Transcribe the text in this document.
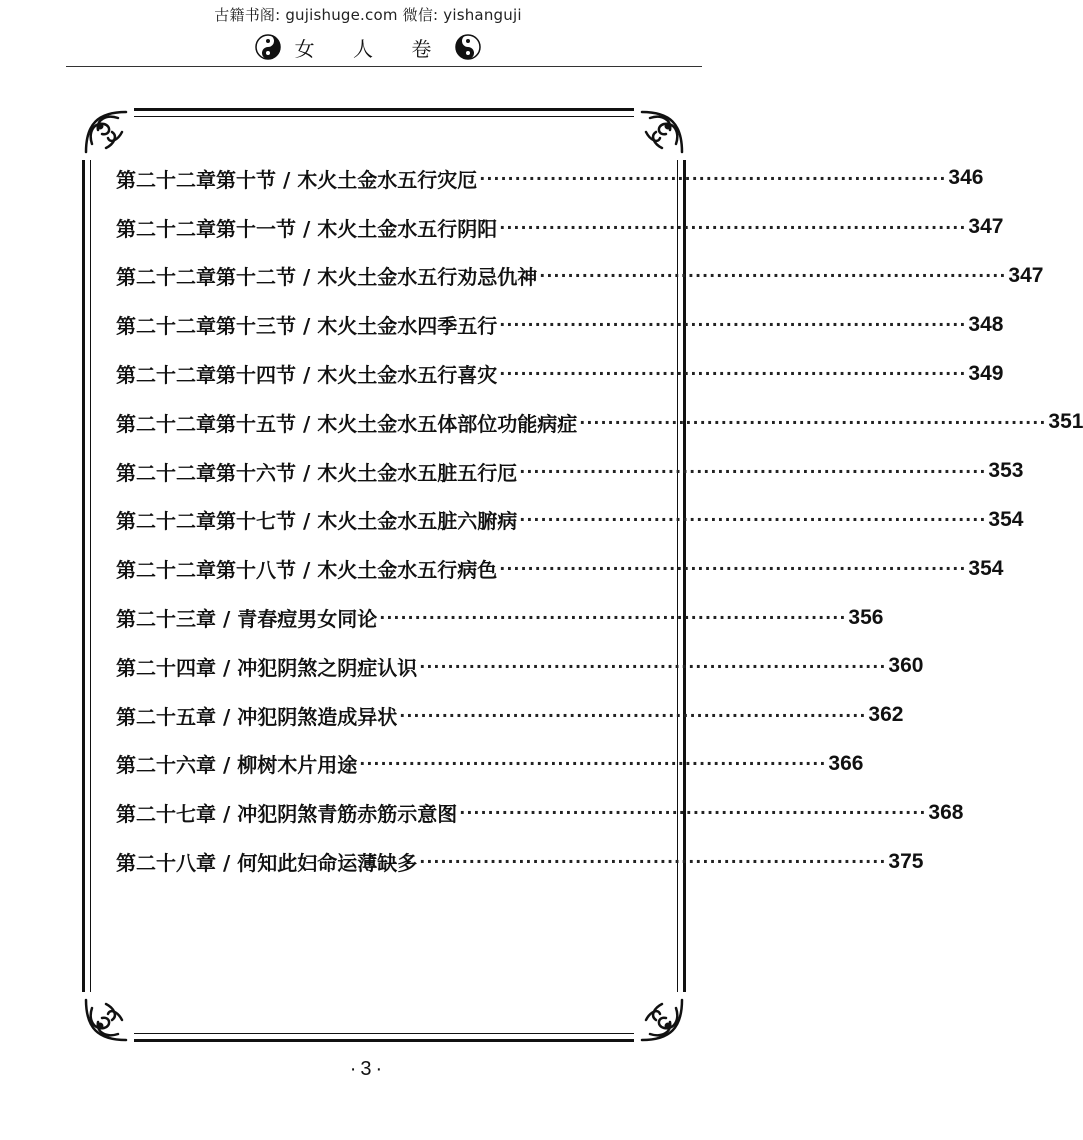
古籍书阁: gujishuge.com 微信: yishanguji
女 人 卷
第二十二章第十节 / 木火土金水五行灾厄 ·································································· 346
第二十二章第十一节 / 木火土金水五行阴阳 ·································································· 347
第二十二章第十二节 / 木火土金水五行劝忌仇神 ·································································· 347
第二十二章第十三节 / 木火土金水四季五行 ·································································· 348
第二十二章第十四节 / 木火土金水五行喜灾 ·································································· 349
第二十二章第十五节 / 木火土金水五体部位功能病症 ·································································· 351
第二十二章第十六节 / 木火土金水五脏五行厄 ·································································· 353
第二十二章第十七节 / 木火土金水五脏六腑病 ·································································· 354
第二十二章第十八节 / 木火土金水五行病色 ·································································· 354
第二十三章 / 青春痘男女同论 ·································································· 356
第二十四章 / 冲犯阴煞之阴症认识 ·································································· 360
第二十五章 / 冲犯阴煞造成异状 ·································································· 362
第二十六章 / 柳树木片用途 ·································································· 366
第二十七章 / 冲犯阴煞青筋赤筋示意图 ·································································· 368
第二十八章 / 何知此妇命运薄缺多 ·································································· 375
·3·
